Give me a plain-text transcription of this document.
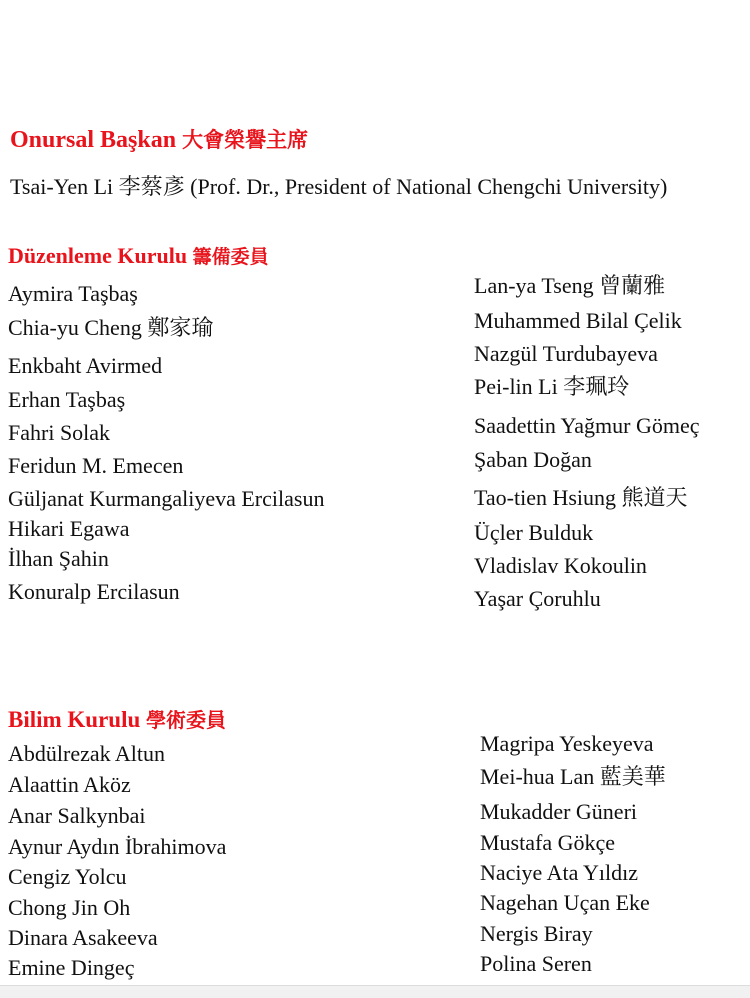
Onursal Başkan 大會榮譽主席
Tsai-Yen Li 李蔡彥 (Prof. Dr., President of National Chengchi University)
Düzenleme Kurulu 籌備委員
Aymira Taşbaş
Chia-yu Cheng 鄭家瑜
Enkbaht Avirmed
Erhan Taşbaş
Fahri Solak
Feridun M. Emecen
Güljanat Kurmangaliyeva Ercilasun
Hikari Egawa
İlhan Şahin
Konuralp Ercilasun
Lan-ya Tseng 曾蘭雅
Muhammed Bilal Çelik
Nazgül Turdubayeva
Pei-lin Li 李珮玲
Saadettin Yağmur Gömeç
Şaban Doğan
Tao-tien Hsiung 熊道天
Üçler Bulduk
Vladislav Kokoulin
Yaşar Çoruhlu
Bilim Kurulu 學術委員
Abdülrezak Altun
Alaattin Aköz
Anar Salkynbai
Aynur Aydın İbrahimova
Cengiz Yolcu
Chong Jin Oh
Dinara Asakeeva
Emine Dingeç
Magripa Yeskeyeva
Mei-hua Lan 藍美華
Mukadder Güneri
Mustafa Gökçe
Naciye Ata Yıldız
Nagehan Uçan Eke
Nergis Biray
Polina Seren
